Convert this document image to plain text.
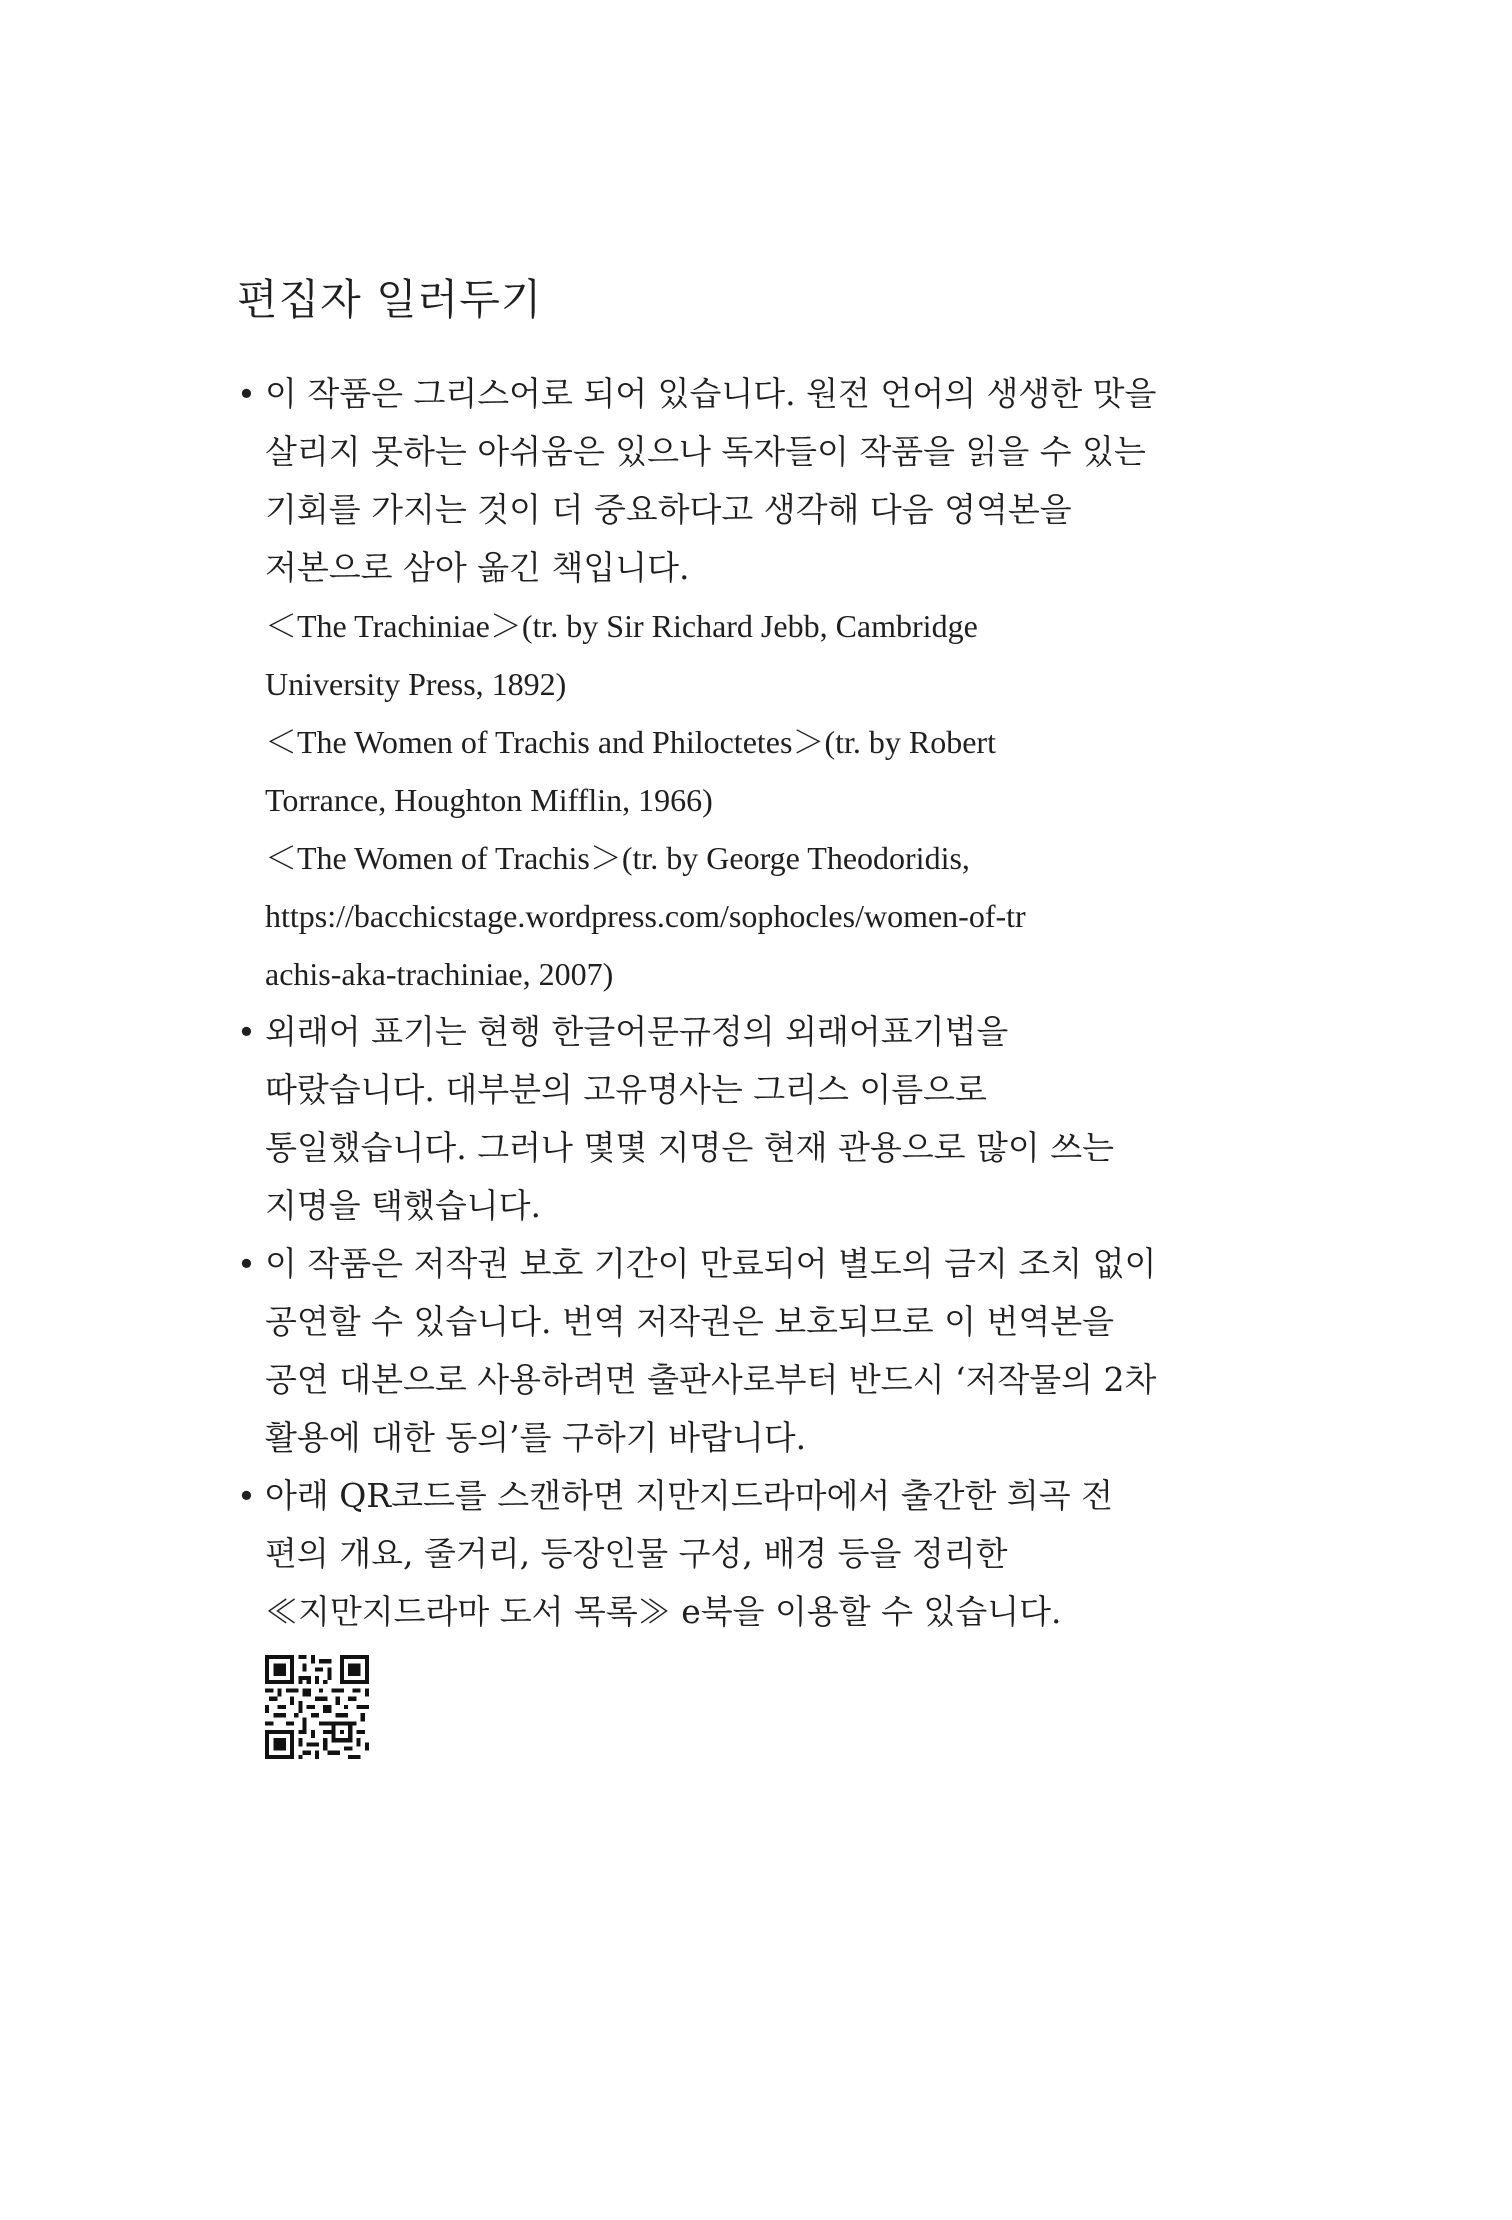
편집자 일러두기
• 이 작품은 그리스어로 되어 있습니다. 원전 언어의 생생한 맛을
살리지 못하는 아쉬움은 있으나 독자들이 작품을 읽을 수 있는
기회를 가지는 것이 더 중요하다고 생각해 다음 영역본을
저본으로 삼아 옮긴 책입니다.
＜The Trachiniae＞(tr. by Sir Richard Jebb, Cambridge
University Press, 1892)
＜The Women of Trachis and Philoctetes＞(tr. by Robert
Torrance, Houghton Mifflin, 1966)
＜The Women of Trachis＞(tr. by George Theodoridis,
https://bacchicstage.wordpress.com/sophocles/women-of-tr
achis-aka-trachiniae, 2007)
• 외래어 표기는 현행 한글어문규정의 외래어표기법을
따랐습니다. 대부분의 고유명사는 그리스 이름으로
통일했습니다. 그러나 몇몇 지명은 현재 관용으로 많이 쓰는
지명을 택했습니다.
• 이 작품은 저작권 보호 기간이 만료되어 별도의 금지 조치 없이
공연할 수 있습니다. 번역 저작권은 보호되므로 이 번역본을
공연 대본으로 사용하려면 출판사로부터 반드시 ‘저작물의 2차
활용에 대한 동의’를 구하기 바랍니다.
• 아래 QR코드를 스캔하면 지만지드라마에서 출간한 희곡 전
편의 개요, 줄거리, 등장인물 구성, 배경 등을 정리한
≪지만지드라마 도서 목록≫ e북을 이용할 수 있습니다.
